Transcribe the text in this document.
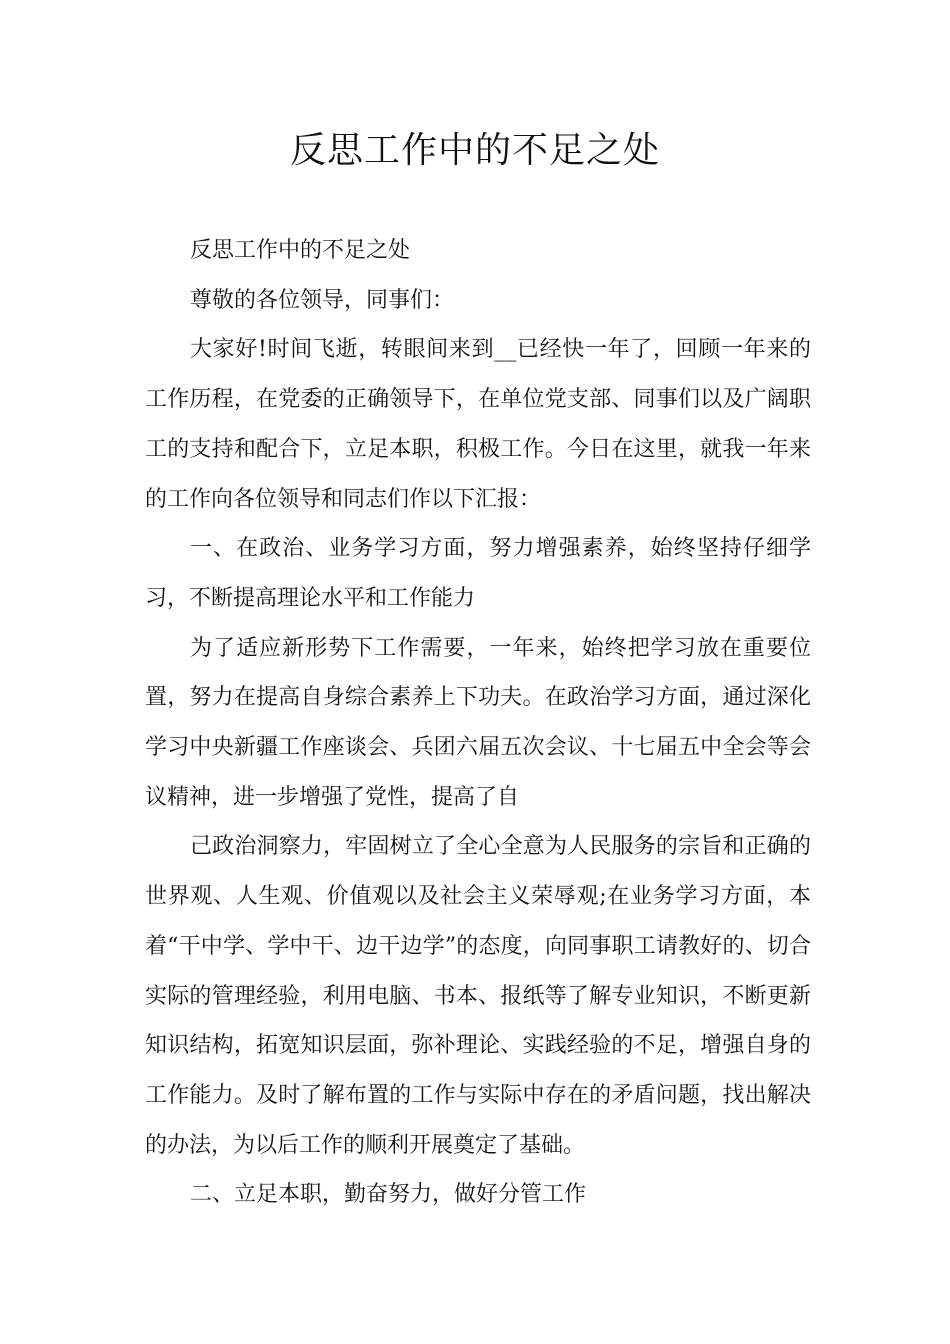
反思工作中的不足之处

反思工作中的不足之处

尊敬的各位领导，同事们：

大家好!时间飞逝，转眼间来到__已经快一年了，回顾一年来的工作历程，在党委的正确领导下，在单位党支部、同事们以及广阔职工的支持和配合下，立足本职，积极工作。今日在这里，就我一年来的工作向各位领导和同志们作以下汇报：

一、在政治、业务学习方面，努力增强素养，始终坚持仔细学习，不断提高理论水平和工作能力

为了适应新形势下工作需要，一年来，始终把学习放在重要位置，努力在提高自身综合素养上下功夫。在政治学习方面，通过深化学习中央新疆工作座谈会、兵团六届五次会议、十七届五中全会等会议精神，进一步增强了党性，提高了自

己政治洞察力，牢固树立了全心全意为人民服务的宗旨和正确的世界观、人生观、价值观以及社会主义荣辱观;在业务学习方面，本着“干中学、学中干、边干边学”的态度，向同事职工请教好的、切合实际的管理经验，利用电脑、书本、报纸等了解专业知识，不断更新知识结构，拓宽知识层面，弥补理论、实践经验的不足，增强自身的工作能力。及时了解布置的工作与实际中存在的矛盾问题，找出解决的办法，为以后工作的顺利开展奠定了基础。

二、立足本职，勤奋努力，做好分管工作
